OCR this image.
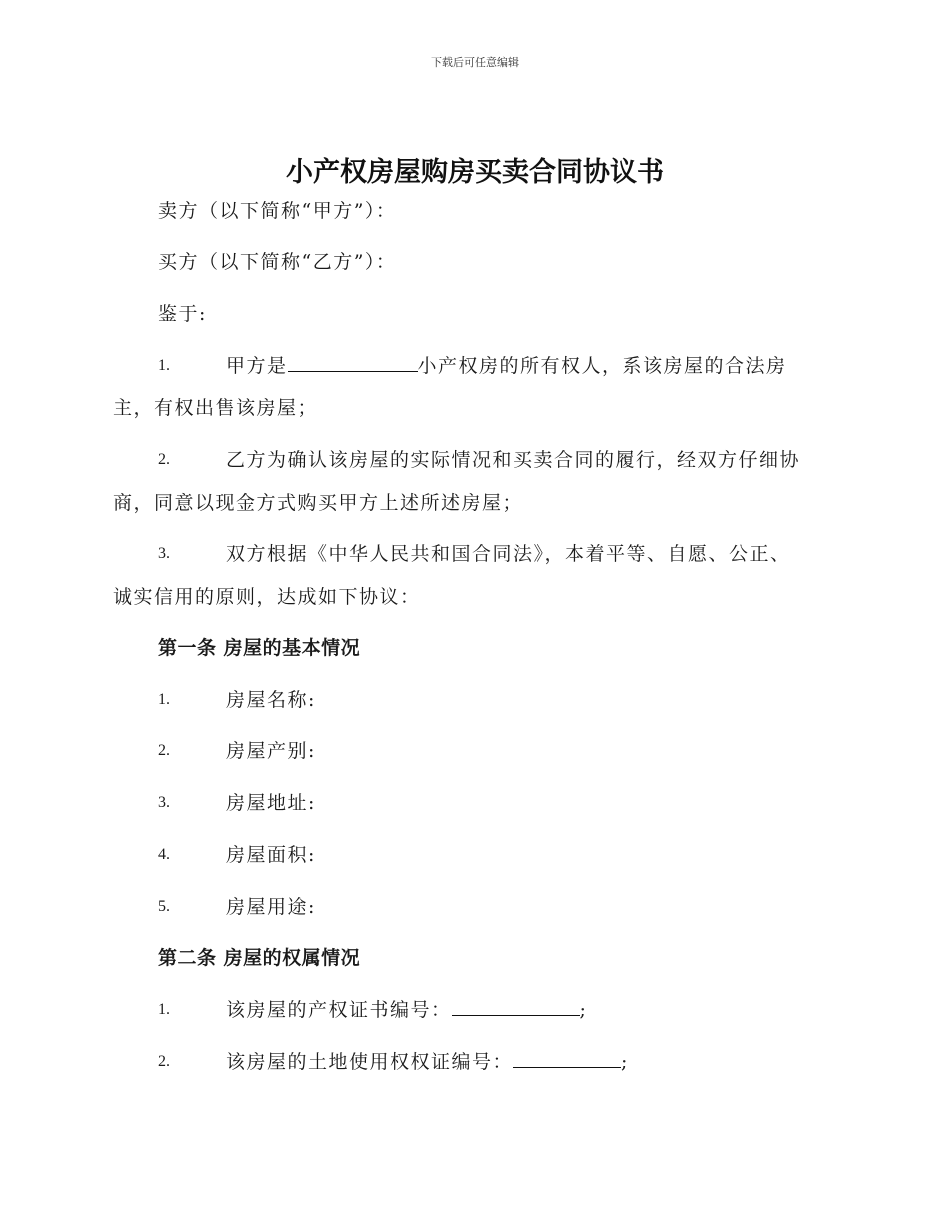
下载后可任意编辑
小产权房屋购房买卖合同协议书
卖方（以下简称“甲方”）：
买方（以下简称“乙方”）：
鉴于:
1.	甲方是	小产权房的所有权人，系该房屋的合法房
主，有权出售该房屋；
2.	乙方为确认该房屋的实际情况和买卖合同的履行，经双方仔细协
商，同意以现金方式购买甲方上述所述房屋；
3.	双方根据《中华人民共和国合同法》，本着平等、自愿、公正、
诚实信用的原则，达成如下协议：
第一条 房屋的基本情况
1.	房屋名称:
2.	房屋产别:
3.	房屋地址:
4.	房屋面积:
5.	房屋用途:
第二条 房屋的权属情况
1.	该房屋的产权证书编号：	;
2.	该房屋的土地使用权权证编号：	;
